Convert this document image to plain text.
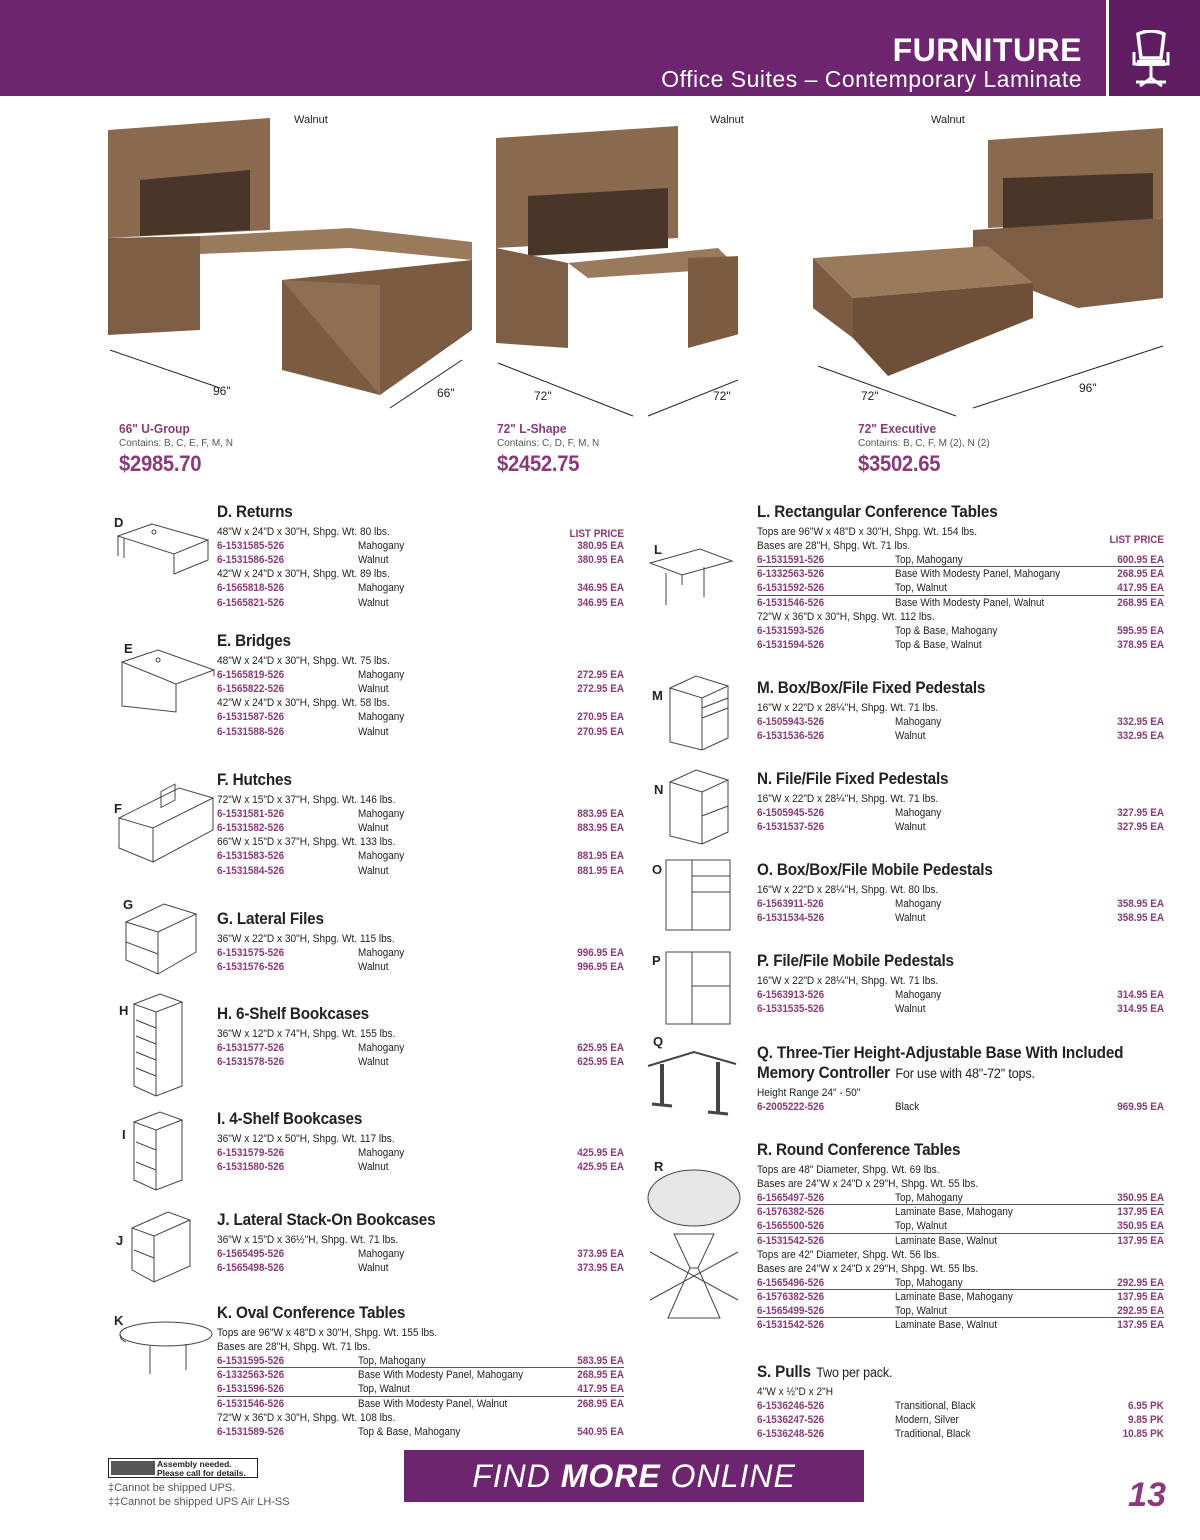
FURNITURE
Office Suites – Contemporary Laminate
Walnut	Walnut	Walnut
96"	66"	72"	72"	72"
96"
66" U-Group
Contains: B, C, E, F, M, N
$2985.70
72" L-Shape
Contains: C, D, F, M, N
$2452.75
72" Executive
Contains: B, C, F, M (2), N (2)
$3502.65
LIST PRICE	LIST PRICE
D
E
F
G
H
I
J
K
L
M
N
O
P
Q
R
D. Returns
48"W x 24"D x 30"H, Shpg. Wt. 80 lbs.
6-1531585-526	Mahogany	380.95 EA
6-1531586-526	Walnut	380.95 EA
42"W x 24"D x 30"H, Shpg. Wt. 89 lbs.
6-1565818-526	Mahogany	346.95 EA
6-1565821-526	Walnut	346.95 EA
E. Bridges
48"W x 24"D x 30"H, Shpg. Wt. 75 lbs.
6-1565819-526	Mahogany	272.95 EA
6-1565822-526	Walnut	272.95 EA
42"W x 24"D x 30"H, Shpg. Wt. 58 lbs.
6-1531587-526	Mahogany	270.95 EA
6-1531588-526	Walnut	270.95 EA
F. Hutches
72"W x 15"D x 37"H, Shpg. Wt. 146 lbs.
6-1531581-526	Mahogany	883.95 EA
6-1531582-526	Walnut	883.95 EA
66"W x 15"D x 37"H, Shpg. Wt. 133 lbs.
6-1531583-526	Mahogany	881.95 EA
6-1531584-526	Walnut	881.95 EA
G. Lateral Files
36"W x 22"D x 30"H, Shpg. Wt. 115 lbs.
6-1531575-526	Mahogany	996.95 EA
6-1531576-526	Walnut	996.95 EA
H. 6-Shelf Bookcases
36"W x 12"D x 74"H, Shpg. Wt. 155 lbs.
6-1531577-526	Mahogany	625.95 EA
6-1531578-526	Walnut	625.95 EA
I. 4-Shelf Bookcases
36"W x 12"D x 50"H, Shpg. Wt. 117 lbs.
6-1531579-526	Mahogany	425.95 EA
6-1531580-526	Walnut	425.95 EA
J. Lateral Stack-On Bookcases
36"W x 15"D x 36½"H, Shpg. Wt. 71 lbs.
6-1565495-526	Mahogany	373.95 EA
6-1565498-526	Walnut	373.95 EA
K. Oval Conference Tables
Tops are 96"W x 48"D x 30"H, Shpg. Wt. 155 lbs.
Bases are 28"H, Shpg. Wt. 71 lbs.
6-1531595-526	Top, Mahogany	583.95 EA
6-1332563-526	Base With Modesty Panel, Mahogany	268.95 EA
6-1531596-526	Top, Walnut	417.95 EA
6-1531546-526	Base With Modesty Panel, Walnut	268.95 EA
72"W x 36"D x 30"H, Shpg. Wt. 108 lbs.
6-1531589-526	Top & Base, Mahogany	540.95 EA
L. Rectangular Conference Tables
Tops are 96"W x 48"D x 30"H, Shpg. Wt. 154 lbs.
Bases are 28"H, Shpg. Wt. 71 lbs.
6-1531591-526	Top, Mahogany	600.95 EA
6-1332563-526	Base With Modesty Panel, Mahogany	268.95 EA
6-1531592-526	Top, Walnut	417.95 EA
6-1531546-526	Base With Modesty Panel, Walnut	268.95 EA
72"W x 36"D x 30"H, Shpg. Wt. 112 lbs.
6-1531593-526	Top & Base, Mahogany	595.95 EA
6-1531594-526	Top & Base, Walnut	378.95 EA
M. Box/Box/File Fixed Pedestals
16"W x 22"D x 28¼"H, Shpg. Wt. 71 lbs.
6-1505943-526	Mahogany	332.95 EA
6-1531536-526	Walnut	332.95 EA
N. File/File Fixed Pedestals
16"W x 22"D x 28¼"H, Shpg. Wt. 71 lbs.
6-1505945-526	Mahogany	327.95 EA
6-1531537-526	Walnut	327.95 EA
O. Box/Box/File Mobile Pedestals
16"W x 22"D x 28¼"H, Shpg. Wt. 80 lbs.
6-1563911-526	Mahogany	358.95 EA
6-1531534-526	Walnut	358.95 EA
P. File/File Mobile Pedestals
16"W x 22"D x 28¼"H, Shpg. Wt. 71 lbs.
6-1563913-526	Mahogany	314.95 EA
6-1531535-526	Walnut	314.95 EA
Q. Three-Tier Height-Adjustable Base With Included
Memory Controller For use with 48"-72" tops.
Height Range 24" - 50"
6-2005222-526	Black	969.95 EA
R. Round Conference Tables
Tops are 48" Diameter, Shpg. Wt. 69 lbs.
Bases are 24"W x 24"D x 29"H, Shpg. Wt. 55 lbs.
6-1565497-526	Top, Mahogany	350.95 EA
6-1576382-526	Laminate Base, Mahogany	137.95 EA
6-1565500-526	Top, Walnut	350.95 EA
6-1531542-526	Laminate Base, Walnut	137.95 EA
Tops are 42" Diameter, Shpg. Wt. 56 lbs.
Bases are 24"W x 24"D x 29"H, Shpg. Wt. 55 lbs.
6-1565496-526	Top, Mahogany	292.95 EA
6-1576382-526	Laminate Base, Mahogany	137.95 EA
6-1565499-526	Top, Walnut	292.95 EA
6-1531542-526	Laminate Base, Walnut	137.95 EA
S. Pulls Two per pack.
4"W x ½"D x 2"H
6-1536246-526	Transitional, Black	6.95 PK
6-1536247-526	Modern, Silver	9.85 PK
6-1536248-526	Traditional, Black	10.85 PK
Assembly needed.
Please call for details.
‡Cannot be shipped UPS.
‡‡Cannot be shipped UPS Air LH-SS
FIND MORE ONLINE	13
